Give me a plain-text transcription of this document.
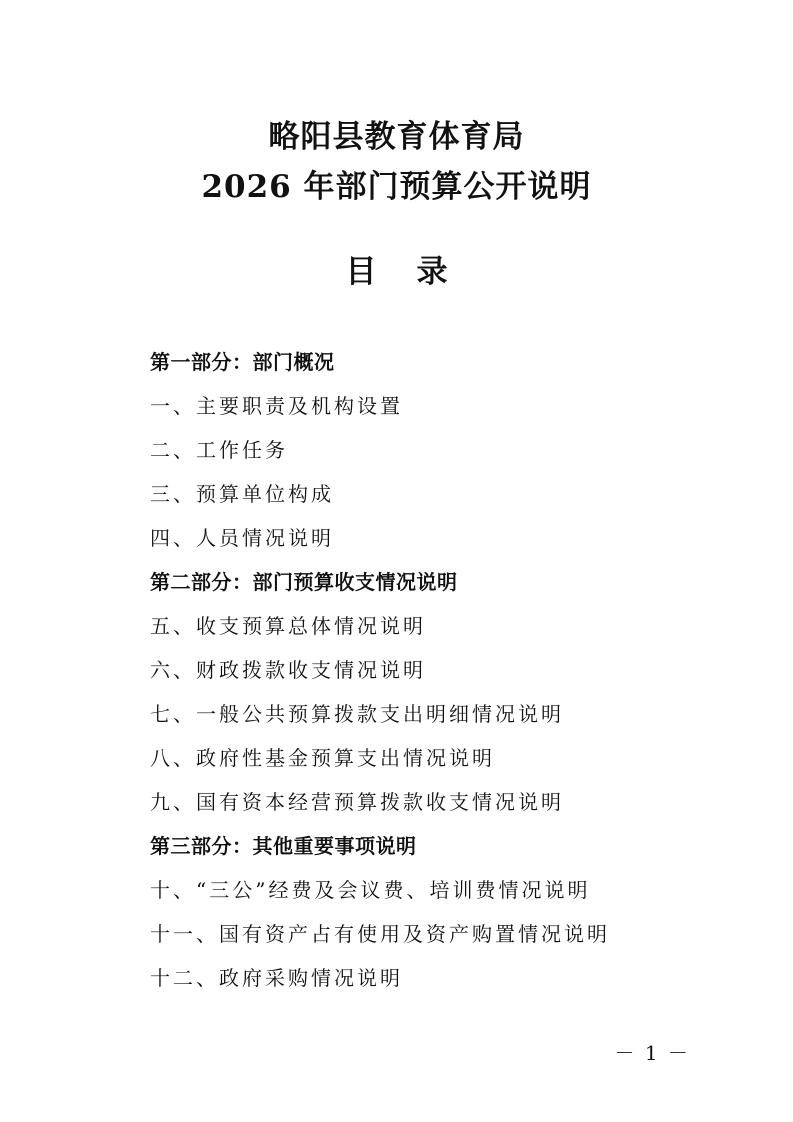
略阳县教育体育局
2026 年部门预算公开说明
目 录
第一部分：部门概况
一、主要职责及机构设置
二、工作任务
三、预算单位构成
四、人员情况说明
第二部分：部门预算收支情况说明
五、收支预算总体情况说明
六、财政拨款收支情况说明
七、一般公共预算拨款支出明细情况说明
八、政府性基金预算支出情况说明
九、国有资本经营预算拨款收支情况说明
第三部分：其他重要事项说明
十、“三公”经费及会议费、培训费情况说明
十一、国有资产占有使用及资产购置情况说明
十二、政府采购情况说明
－ 1 －
